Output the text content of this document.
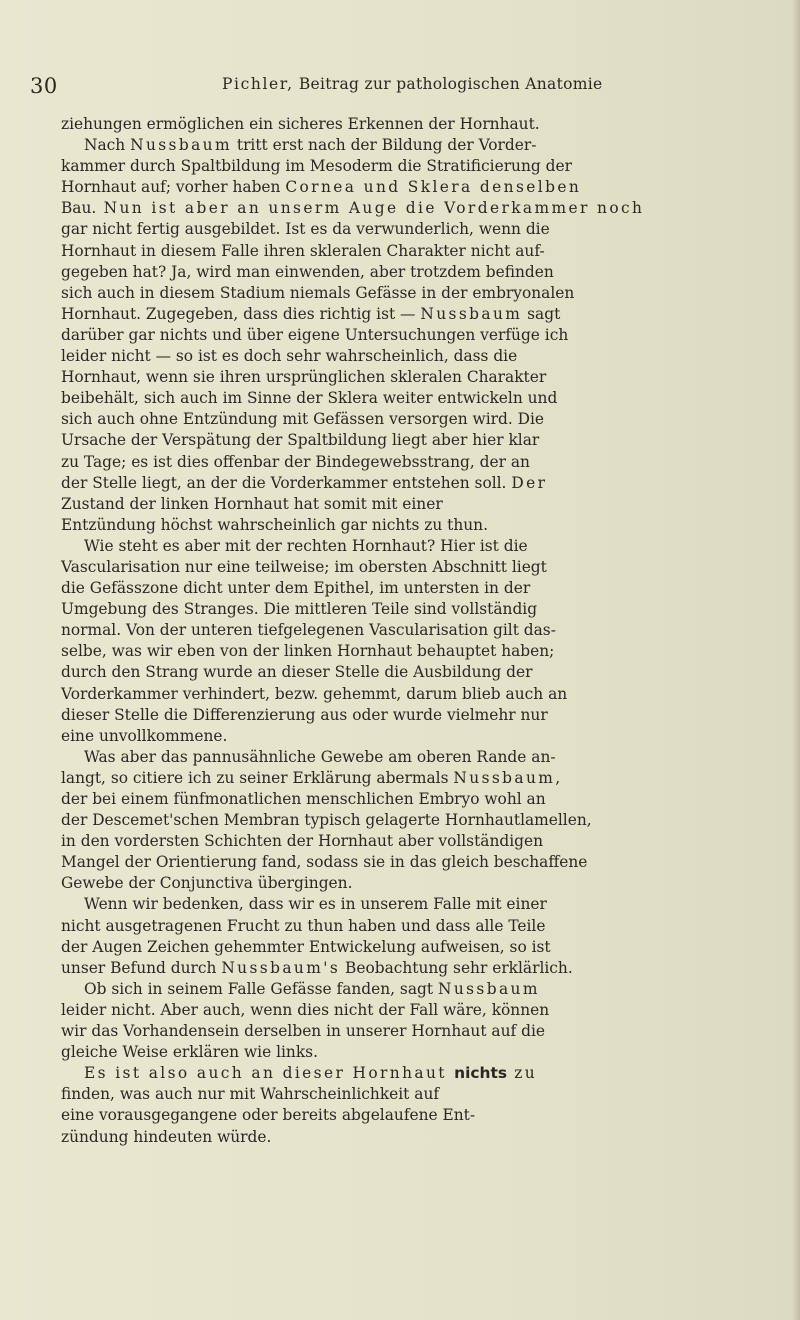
30	Pichler, Beitrag zur pathologischen Anatomie
ziehungen ermöglichen ein sicheres Erkennen der Hornhaut.
Nach Nussbaum tritt erst nach der Bildung der Vorder-
kammer durch Spaltbildung im Mesoderm die Stratificierung der
Hornhaut auf; vorher haben Cornea und Sklera denselben
Bau. Nun ist aber an unserm Auge die Vorderkammer noch
gar nicht fertig ausgebildet. Ist es da verwunderlich, wenn die
Hornhaut in diesem Falle ihren skleralen Charakter nicht auf-
gegeben hat? Ja, wird man einwenden, aber trotzdem befinden
sich auch in diesem Stadium niemals Gefässe in der embryonalen
Hornhaut. Zugegeben, dass dies richtig ist — Nussbaum sagt
darüber gar nichts und über eigene Untersuchungen verfüge ich
leider nicht — so ist es doch sehr wahrscheinlich, dass die
Hornhaut, wenn sie ihren ursprünglichen skleralen Charakter
beibehält, sich auch im Sinne der Sklera weiter entwickeln und
sich auch ohne Entzündung mit Gefässen versorgen wird. Die
Ursache der Verspätung der Spaltbildung liegt aber hier klar
zu Tage; es ist dies offenbar der Bindegewebsstrang, der an
der Stelle liegt, an der die Vorderkammer entstehen soll. Der
Zustand der linken Hornhaut hat somit mit einer
Entzündung höchst wahrscheinlich gar nichts zu thun.
Wie steht es aber mit der rechten Hornhaut? Hier ist die
Vascularisation nur eine teilweise; im obersten Abschnitt liegt
die Gefässzone dicht unter dem Epithel, im untersten in der
Umgebung des Stranges. Die mittleren Teile sind vollständig
normal. Von der unteren tiefgelegenen Vascularisation gilt das-
selbe, was wir eben von der linken Hornhaut behauptet haben;
durch den Strang wurde an dieser Stelle die Ausbildung der
Vorderkammer verhindert, bezw. gehemmt, darum blieb auch an
dieser Stelle die Differenzierung aus oder wurde vielmehr nur
eine unvollkommene.
Was aber das pannusähnliche Gewebe am oberen Rande an-
langt, so citiere ich zu seiner Erklärung abermals Nussbaum,
der bei einem fünfmonatlichen menschlichen Embryo wohl an
der Descemet'schen Membran typisch gelagerte Hornhautlamellen,
in den vordersten Schichten der Hornhaut aber vollständigen
Mangel der Orientierung fand, sodass sie in das gleich beschaffene
Gewebe der Conjunctiva übergingen.
Wenn wir bedenken, dass wir es in unserem Falle mit einer
nicht ausgetragenen Frucht zu thun haben und dass alle Teile
der Augen Zeichen gehemmter Entwickelung aufweisen, so ist
unser Befund durch Nussbaum's Beobachtung sehr erklärlich.
Ob sich in seinem Falle Gefässe fanden, sagt Nussbaum
leider nicht. Aber auch, wenn dies nicht der Fall wäre, können
wir das Vorhandensein derselben in unserer Hornhaut auf die
gleiche Weise erklären wie links.
Es ist also auch an dieser Hornhaut nichts zu
finden, was auch nur mit Wahrscheinlichkeit auf
eine vorausgegangene oder bereits abgelaufene Ent-
zündung hindeuten würde.
